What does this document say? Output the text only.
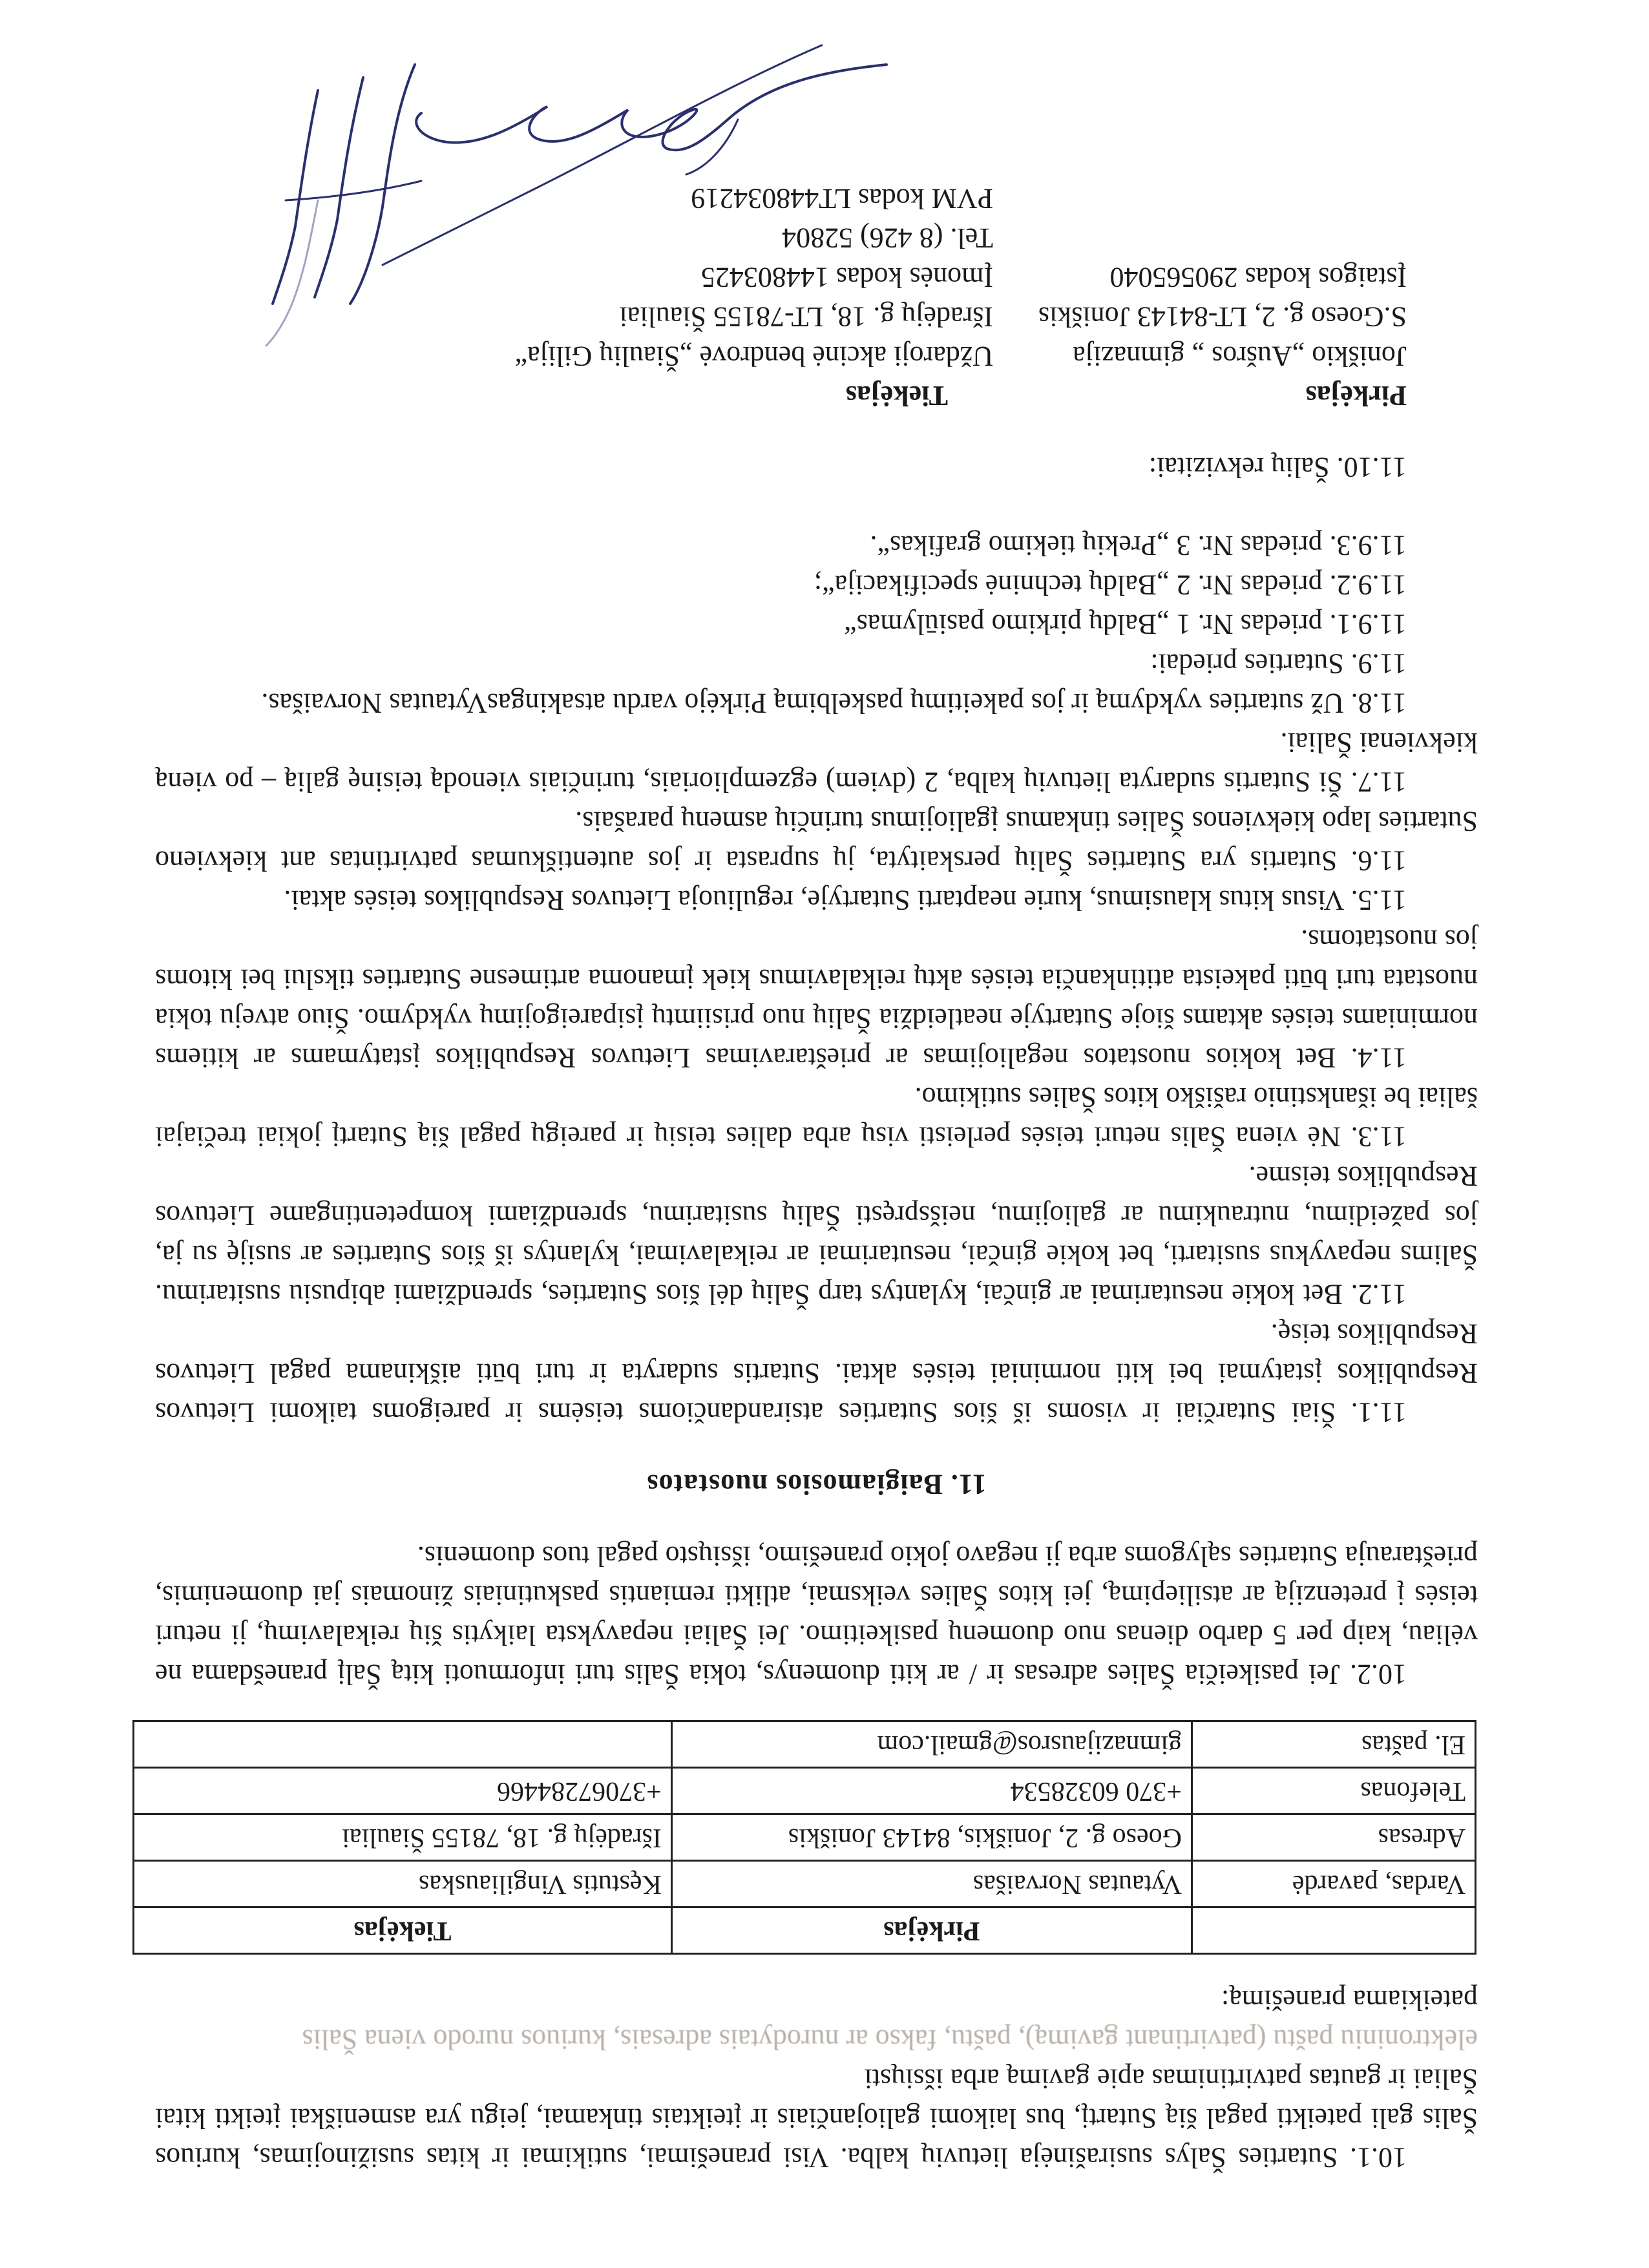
10.1. Sutarties Šalys susirašinėja lietuvių kalba. Visi pranešimai, sutikimai ir kitas susižinojimas, kuriuos Šalis gali pateikti pagal šią Sutartį, bus laikomi galiojančiais ir įteiktais tinkamai, jeigu yra asmeniškai įteikti kitai Šaliai ir gautas patvirtinimas apie gavimą arba išsiųsti

elektroniniu paštu (patvirtinant gavimą), paštu, fakso ar nurodytais adresais, kuriuos nurodo viena Šalis

pateikiama pranešimą:

	Pirkėjas	Tiekėjas
Vardas, pavardė	Vytautas Norvaišas	Kęstutis Vingiliauskas
Adresas	Goeso g. 2, Joniškis, 84143 Joniškis	Išradėjų g. 18, 78155 Šiauliai
Telefonas	+370 60328534	+37067284466
El. paštas	gimnazijausros@gmail.com	

10.2. Jei pasikeičia Šalies adresas ir / ar kiti duomenys, tokia Šalis turi informuoti kitą Šalį pranešdama ne vėliau, kaip per 5 darbo dienas nuo duomenų pasikeitimo. Jei Šaliai nepavykstа laikytis šių reikalavimų, ji neturi teisės į pretenziją ar atsiliepimą, jei kitos Šalies veiksmai, atlikti remiantis paskutiniais žinomais jai duomenimis, prieštarauja Sutarties sąlygoms arba ji negavo jokio pranešimo, išsiųsto pagal tuos duomenis.

11. Baigiamosios nuostatos

11.1. Šiai Sutarčiai ir visoms iš šios Sutarties atsirandančioms teisėms ir pareigoms taikomi Lietuvos Respublikos įstatymai bei kiti norminiai teisės aktai. Sutartis sudaryta ir turi būti aiškinama pagal Lietuvos Respublikos teisę.

11.2. Bet kokie nesutarimai ar ginčai, kylantys tarp Šalių dėl šios Sutarties, sprendžiami abipusiu susitarimu. Šalims nepavykus susitarti, bet kokie ginčai, nesutarimai ar reikalavimai, kylantys iš šios Sutarties ar susiję su ja, jos pažeidimu, nutraukimu ar galiojimu, neišspręsti Šalių susitarimu, sprendžiami kompetentingame Lietuvos Respublikos teisme.

11.3. Nė viena Šalis neturi teisės perleisti visų arba dalies teisių ir pareigų pagal šią Sutartį jokiai trečiajai šaliai be išankstinio rašiško kitos Šalies sutikimo.

11.4. Bet kokios nuostatos negaliojimas ar prieštaravimas Lietuvos Respublikos įstatymams ar kitiems norminiams teisės aktams šioje Sutartyje neatleidžia Šalių nuo prisiimtų įsipareigojimų vykdymo. Šiuo atveju tokia nuostata turi būti pakeista atitinkančia teisės aktų reikalavimus kiek įmanoma artimesne Sutarties tikslui bei kitoms jos nuostatoms.

11.5. Visus kitus klausimus, kurie neaptarti Sutartyje, reguliuoja Lietuvos Respublikos teisės aktai.

11.6. Sutartis yra Sutarties Šalių perskaityta, jų suprasta ir jos autentiškumas patvirtintas ant kiekvieno Sutarties lapo kiekvienos Šalies tinkamus įgaliojimus turinčių asmenų parašais.

11.7. Ši Sutartis sudaryta lietuvių kalba, 2 (dviem) egzemplioriais, turinčiais vienodą teisinę galią – po vieną kiekvienai Šaliai.

11.8. Už sutarties vykdymą ir jos pakeitimų paskelbimą Pirkėjo vardu atsakingasVytautas Norvaišas.

11.9. Sutarties priedai:

11.9.1. priedas Nr. 1 „Baldų pirkimo pasiūlymas“

11.9.2. priedas Nr. 2 „Baldų techninė specifikacija“;

11.9.3. priedas Nr. 3 „Prekių tiekimo grafikas“.

11.10. Šalių rekvizitai:

Pirkėjas
Joniškio „Aušros „ gimnazija
S.Goeso g. 2, LT-84143 Joniškis
Įstaigos kodas 290565040
Tiekėjas
Uždaroji akcinė bendrovė „Šiaulių Gilija“
Išradėjų g. 18, LT-78155 Šiauliai
Įmonės kodas 144803425
Tel. (8 426) 52804
PVM kodas LT448034219
